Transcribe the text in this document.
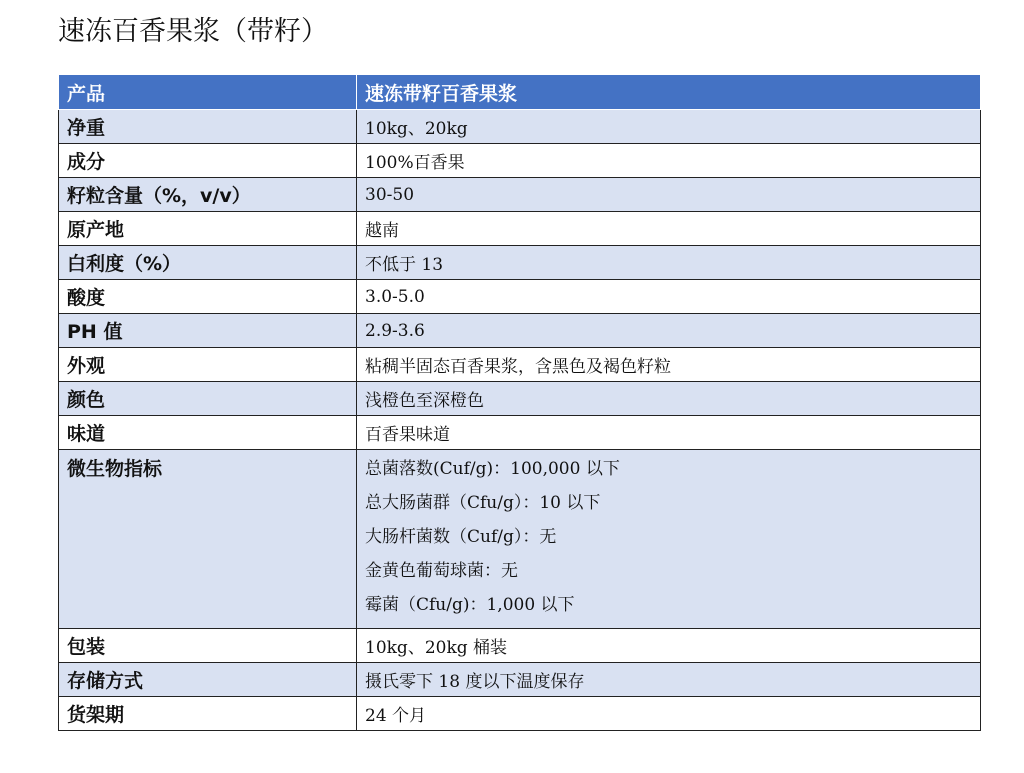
速冻百香果浆（带籽）
产品	速冻带籽百香果浆
净重	10kg、20kg
成分	100%百香果
籽粒含量（%，v/v）	30-50
原产地	越南
白利度（%）	不低于 13
酸度	3.0-5.0
PH 值	2.9-3.6
外观	粘稠半固态百香果浆，含黑色及褐色籽粒
颜色	浅橙色至深橙色
味道	百香果味道

微生物指标	总菌落数(Cuf/g)：100,000 以下
总大肠菌群（Cfu/g）：10 以下
大肠杆菌数（Cuf/g）：无
金黄色葡萄球菌：无
霉菌（Cfu/g)：1,000 以下

包装	10kg、20kg 桶装
存储方式	摄氏零下 18 度以下温度保存
货架期	24 个月
